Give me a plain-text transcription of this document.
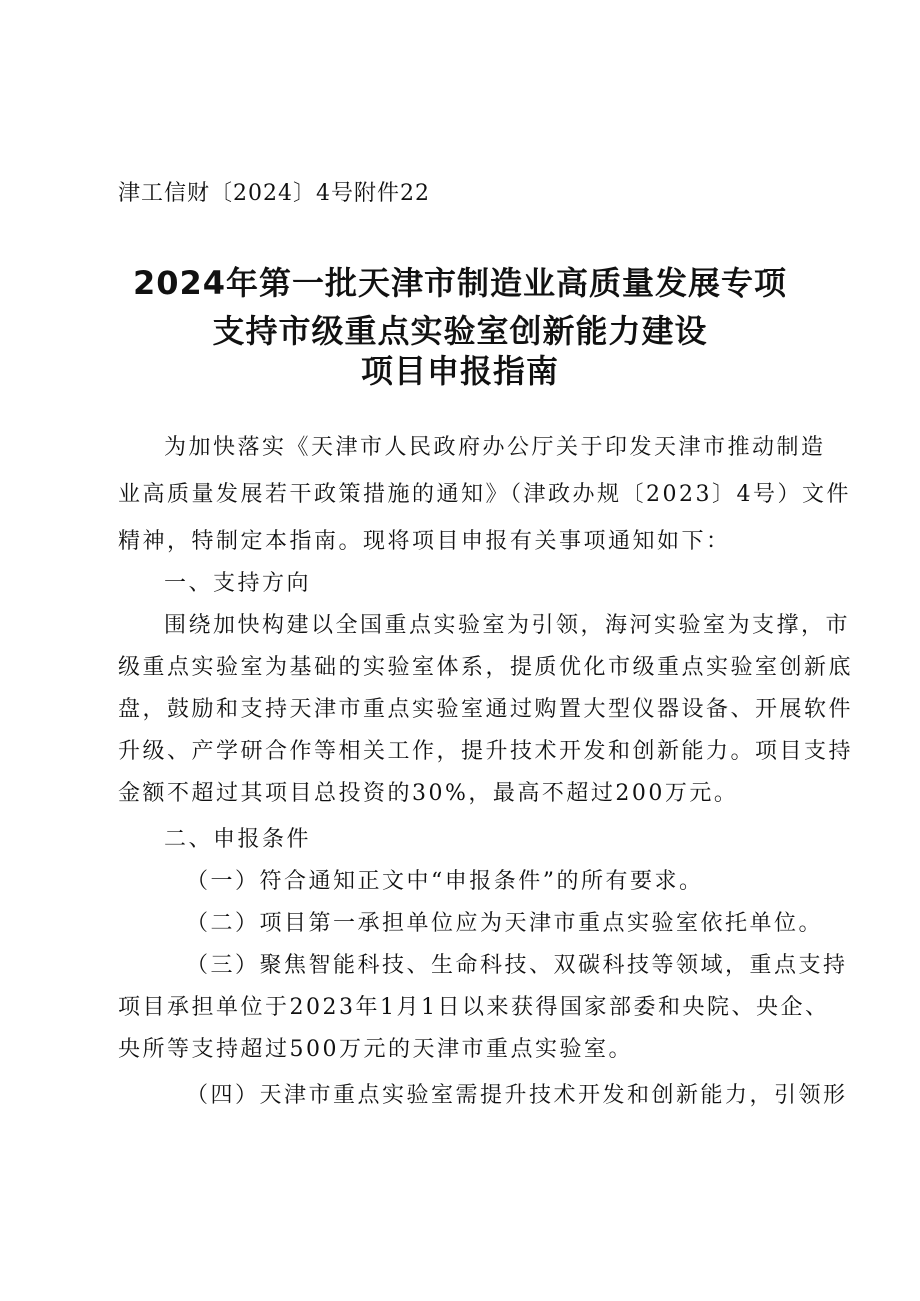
津工信财〔2024〕4号附件22
2024年第一批天津市制造业高质量发展专项
支持市级重点实验室创新能力建设
项目申报指南
为加快落实《天津市人民政府办公厅关于印发天津市推动制造
业高质量发展若干政策措施的通知》（津政办规〔2023〕4号）文件
精神，特制定本指南。现将项目申报有关事项通知如下：
一、支持方向
围绕加快构建以全国重点实验室为引领，海河实验室为支撑，市
级重点实验室为基础的实验室体系，提质优化市级重点实验室创新底
盘，鼓励和支持天津市重点实验室通过购置大型仪器设备、开展软件
升级、产学研合作等相关工作，提升技术开发和创新能力。项目支持
金额不超过其项目总投资的30%，最高不超过200万元。
二、申报条件
（一）符合通知正文中“申报条件”的所有要求。
（二）项目第一承担单位应为天津市重点实验室依托单位。
（三）聚焦智能科技、生命科技、双碳科技等领域，重点支持
项目承担单位于2023年1月1日以来获得国家部委和央院、央企、
央所等支持超过500万元的天津市重点实验室。
（四）天津市重点实验室需提升技术开发和创新能力，引领形
